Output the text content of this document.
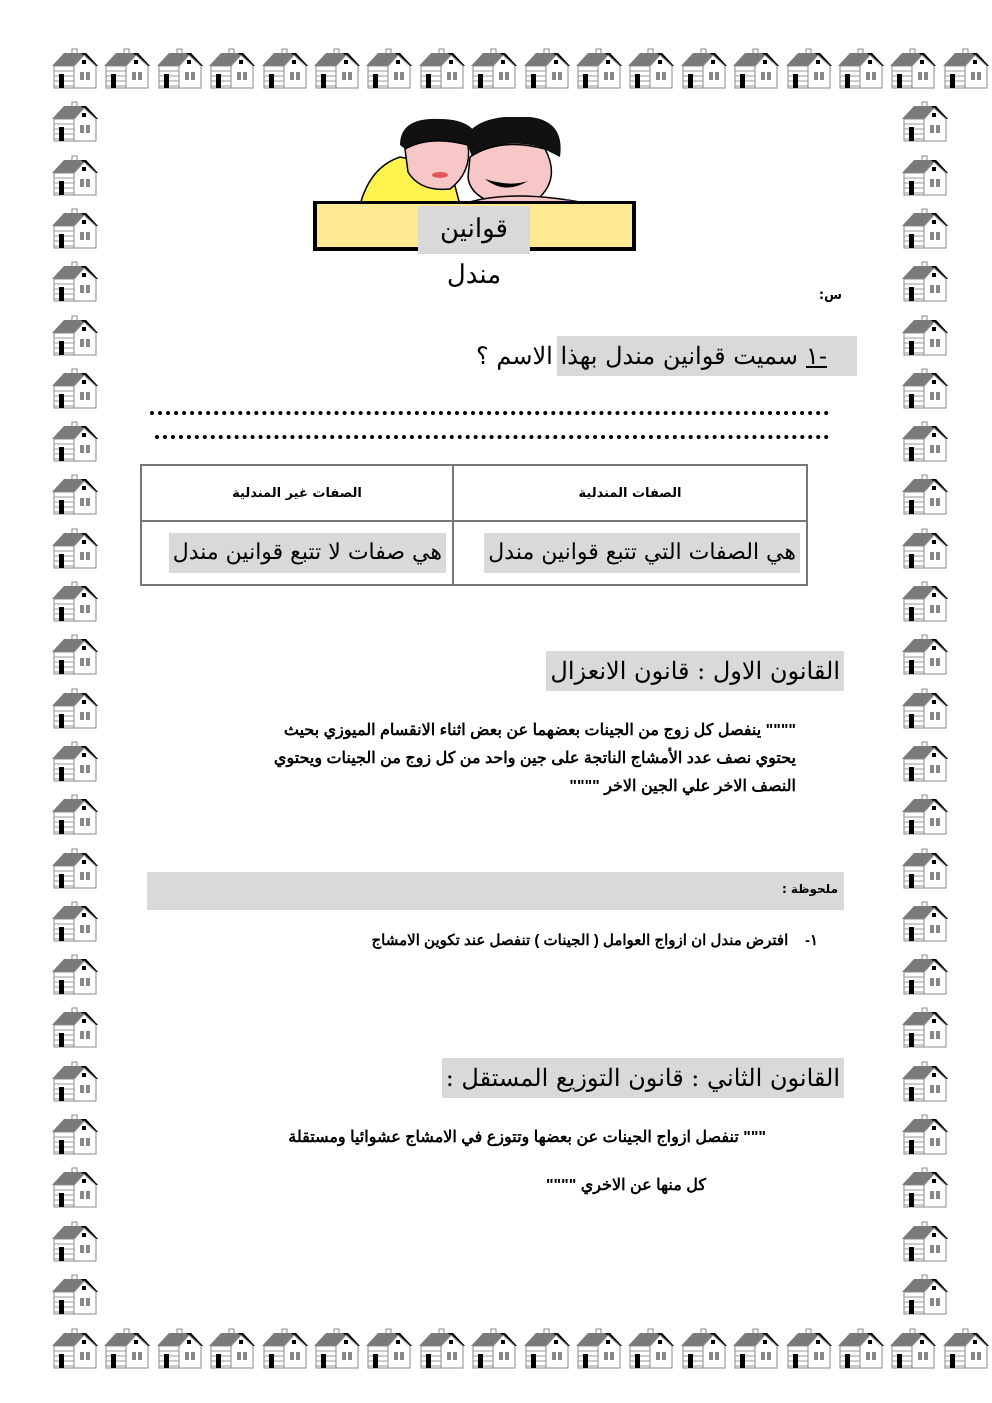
قوانين مندل
س:
سميت قوانين مندل بهذا الاسم ؟ ١-
الصفات المندلية	الصفات غير المندلية
هي الصفات التي تتبع قوانين مندل	هي صفات لا تتبع قوانين مندل
القانون الاول : قانون الانعزال
"""" ينفصل كل زوج من الجينات بعضهما عن بعض اثناء الانقسام الميوزي بحيث
يحتوي نصف عدد الأمشاج الناتجة على جين واحد من كل زوج من الجينات ويحتوي
النصف الاخر علي الجين الاخر """"
ملحوظة :
١-    افترض مندل ان ازواج العوامل ( الجينات ) تنفصل عند تكوين الامشاج
القانون الثاني : قانون التوزيع المستقل :
""" تنفصل ازواج الجينات عن بعضها وتتوزع في الامشاج عشوائيا ومستقلة
كل منها عن الاخري """"
